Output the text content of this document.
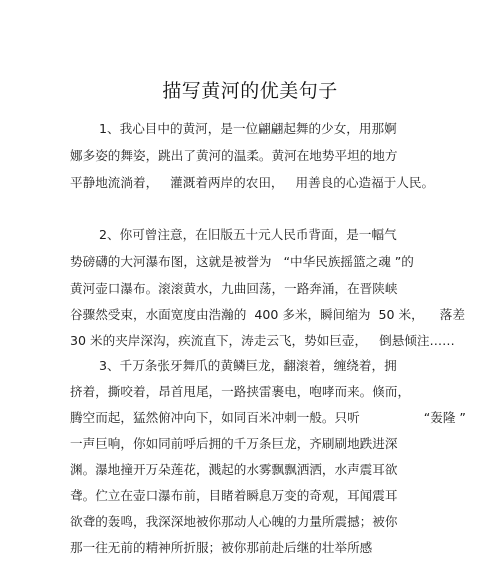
描写黄河的优美句子
1、我心目中的黄河，是一位翩翩起舞的少女，用那婀
娜多姿的舞姿，跳出了黄河的温柔。黄河在地势平坦的地方
平静地流淌着，   灌溉着两岸的农田，   用善良的心造福于人民。
2、你可曾注意，在旧版五十元人民币背面，是一幅气
势磅礴的大河瀑布图，这就是被誉为   “中华民族摇篮之魂 ”的
黄河壶口瀑布。滚滚黄水，九曲回荡，一路奔涌，在晋陕峡
谷骤然受束，水面宽度由浩瀚的  400 多米，瞬间缩为  50 米，    落差
30 米的夹岸深沟，疾流直下，涛走云飞，势如巨壶，   倒悬倾注……
3、千万条张牙舞爪的黄鳞巨龙，翻滚着，缠绕着，拥
挤着，撕咬着，昂首甩尾，一路挟雷裹电，咆哮而来。倏而，
腾空而起，猛然俯冲向下，如同百米冲刺一般。只听                “轰隆 ”
一声巨响，你如同前呼后拥的千万条巨龙，齐刷刷地跌进深
渊。瀑地撞开万朵莲花，溅起的水雾飘飘洒洒，水声震耳欲
聋。伫立在壶口瀑布前，目睹着瞬息万变的奇观，耳闻震耳
欲聋的轰鸣，我深深地被你那动人心魄的力量所震撼；被你
那一往无前的精神所折服；被你那前赴后继的壮举所感
